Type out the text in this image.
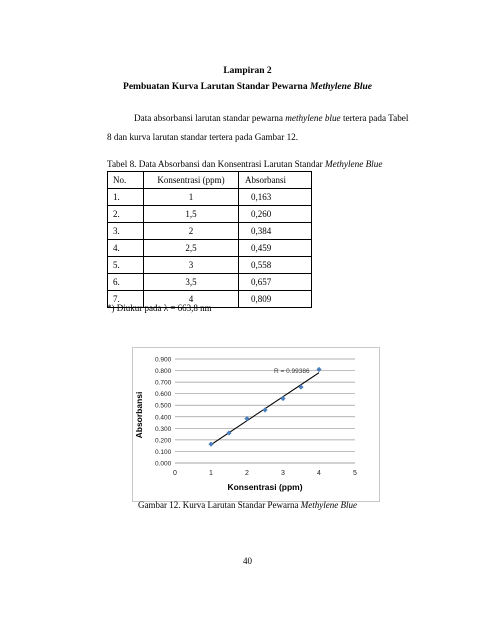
Lampiran 2
Pembuatan Kurva Larutan Standar Pewarna Methylene Blue
Data absorbansi larutan standar pewarna methylene blue tertera pada Tabel
8 dan kurva larutan standar tertera pada Gambar 12.
Tabel 8. Data Absorbansi dan Konsentrasi Larutan Standar Methylene Blue
No.	Konsentrasi (ppm)	Absorbansi
1.	1	0,163
2.	1,5	0,260
3.	2	0,384
4.	2,5	0,459
5.	3	0,558
6.	3,5	0,657
7.	4	0,809
*) Diukur pada λ = 663,8 nm
0.000
0.100
0.200
0.300
0.400
0.500
0.600
0.700
0.800
0.900
0	1	2	3	4	5
R = 0.99386
Konsentrasi (ppm)
Absorbansi
Gambar 12. Kurva Larutan Standar Pewarna Methylene Blue
40
